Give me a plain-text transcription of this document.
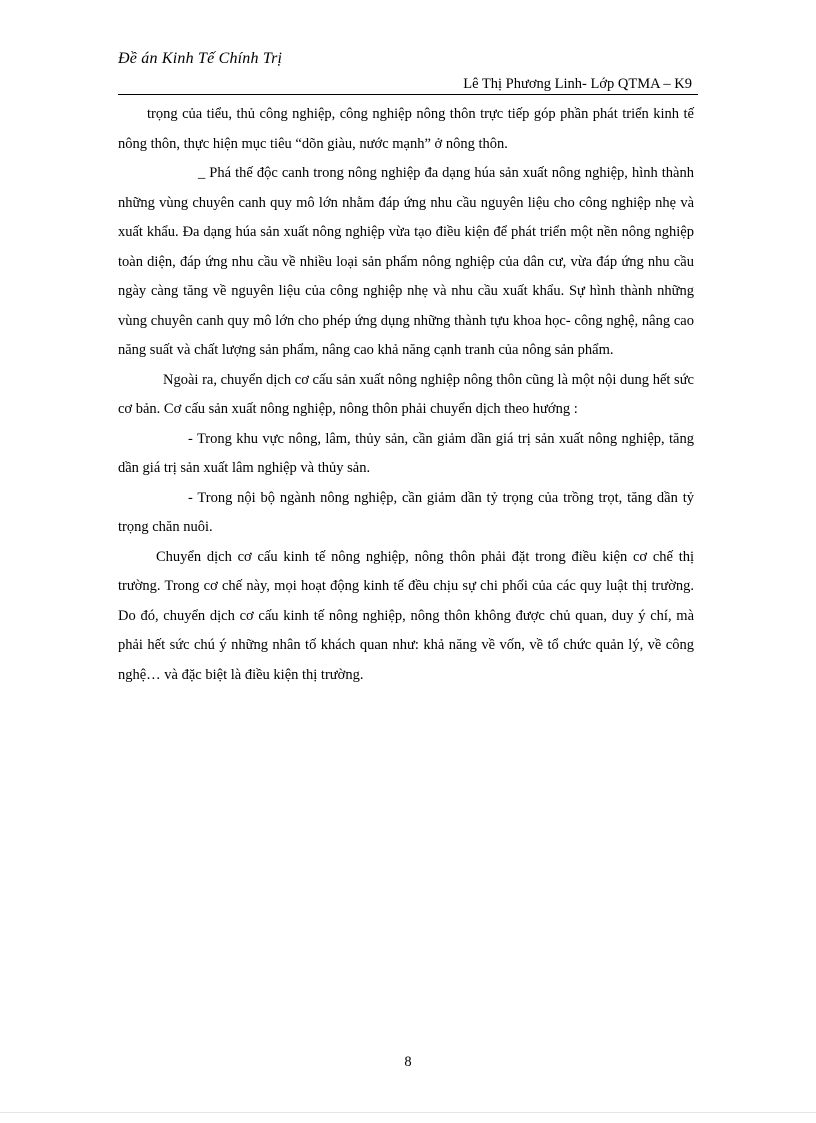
Đề án Kinh Tế Chính Trị
Lê Thị Phương Linh- Lớp QTMA – K9

trọng của tiểu, thủ công nghiệp, công nghiệp nông thôn trực tiếp góp phần phát triển kinh tế nông thôn, thực hiện mục tiêu “dõn giàu, nước mạnh” ở nông thôn.

_ Phá thế độc canh trong nông nghiệp đa dạng húa sản xuất nông nghiệp, hình thành những vùng chuyên canh quy mô lớn nhằm đáp ứng nhu cầu nguyên liệu cho công nghiệp nhẹ và xuất khẩu. Đa dạng húa sản xuất nông nghiệp vừa tạo điều kiện để phát triển một nền nông nghiệp toàn diện, đáp ứng nhu cầu về nhiều loại sản phẩm nông nghiệp của dân cư, vừa đáp ứng nhu cầu ngày càng tăng về nguyên liệu của công nghiệp nhẹ và nhu cầu xuất khẩu. Sự hình thành những vùng chuyên canh quy mô lớn cho phép ứng dụng những thành tựu khoa học- công nghệ, nâng cao năng suất và chất lượng sản phẩm, nâng cao khả năng cạnh tranh của nông sản phẩm.

Ngoài ra, chuyển dịch cơ cấu sản xuất nông nghiệp nông thôn cũng là một nội dung hết sức cơ bản. Cơ cấu sản xuất nông nghiệp, nông thôn phải chuyển dịch theo hướng :

- Trong khu vực nông, lâm, thủy sản, cần giảm dần giá trị sản xuất nông nghiệp, tăng dần giá trị sản xuất lâm nghiệp và thủy sản.

- Trong nội bộ ngành nông nghiệp, cần giảm dần tỷ trọng của trồng trọt, tăng dần tỷ trọng chăn nuôi.

Chuyển dịch cơ cấu kinh tế nông nghiệp, nông thôn phải đặt trong điều kiện cơ chế thị trường. Trong cơ chế này, mọi hoạt động kinh tế đều chịu sự chi phối của các quy luật thị trường. Do đó, chuyển dịch cơ cấu kinh tế nông nghiệp, nông thôn không được chủ quan, duy ý chí, mà phải hết sức chú ý những nhân tố khách quan như: khả năng về vốn, về tổ chức quản lý, về công nghệ… và đặc biệt là điều kiện thị trường.

8
